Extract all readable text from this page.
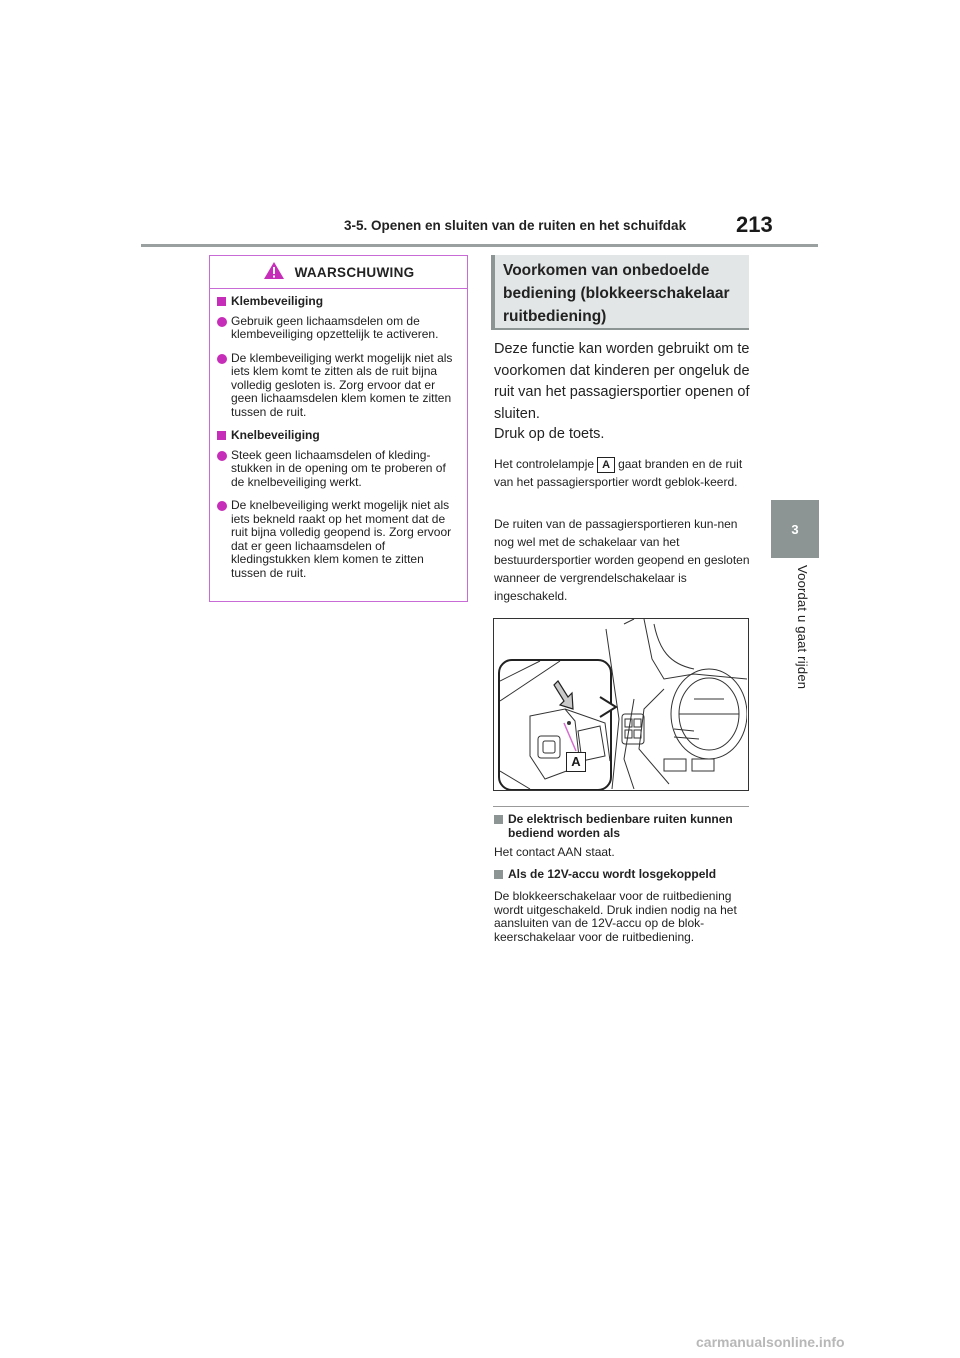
3-5. Openen en sluiten van de ruiten en het schuifdak 213
3
Voordat u gaat rijden
WAARSCHUWING
Klembeveiliging
Gebruik geen lichaamsdelen om de klembeveiliging opzettelijk te activeren.
De klembeveiliging werkt mogelijk niet als iets klem komt te zitten als de ruit bijna volledig gesloten is. Zorg ervoor dat er geen lichaamsdelen klem komen te zitten tussen de ruit.
Knelbeveiliging
Steek geen lichaamsdelen of kleding-stukken in de opening om te proberen of de knelbeveiliging werkt.
De knelbeveiliging werkt mogelijk niet als iets bekneld raakt op het moment dat de ruit bijna volledig geopend is. Zorg ervoor dat er geen lichaamsdelen of kledingstukken klem komen te zitten tussen de ruit.
Voorkomen van onbedoelde bediening (blokkeerschakelaar ruitbediening)
Deze functie kan worden gebruikt om te voorkomen dat kinderen per ongeluk de ruit van het passagiersportier openen of sluiten.
Druk op de toets.
Het controlelampje A gaat branden en de ruit van het passagiersportier wordt geblok-keerd.
De ruiten van de passagiersportieren kun-nen nog wel met de schakelaar van het bestuurdersportier worden geopend en gesloten wanneer de vergrendelschakelaar is ingeschakeld.
A
De elektrisch bedienbare ruiten kunnen bediend worden als
Het contact AAN staat.
Als de 12V-accu wordt losgekoppeld
De blokkeerschakelaar voor de ruitbediening wordt uitgeschakeld. Druk indien nodig na het aansluiten van de 12V-accu op de blok-keerschakelaar voor de ruitbediening.
carmanualsonline.info
